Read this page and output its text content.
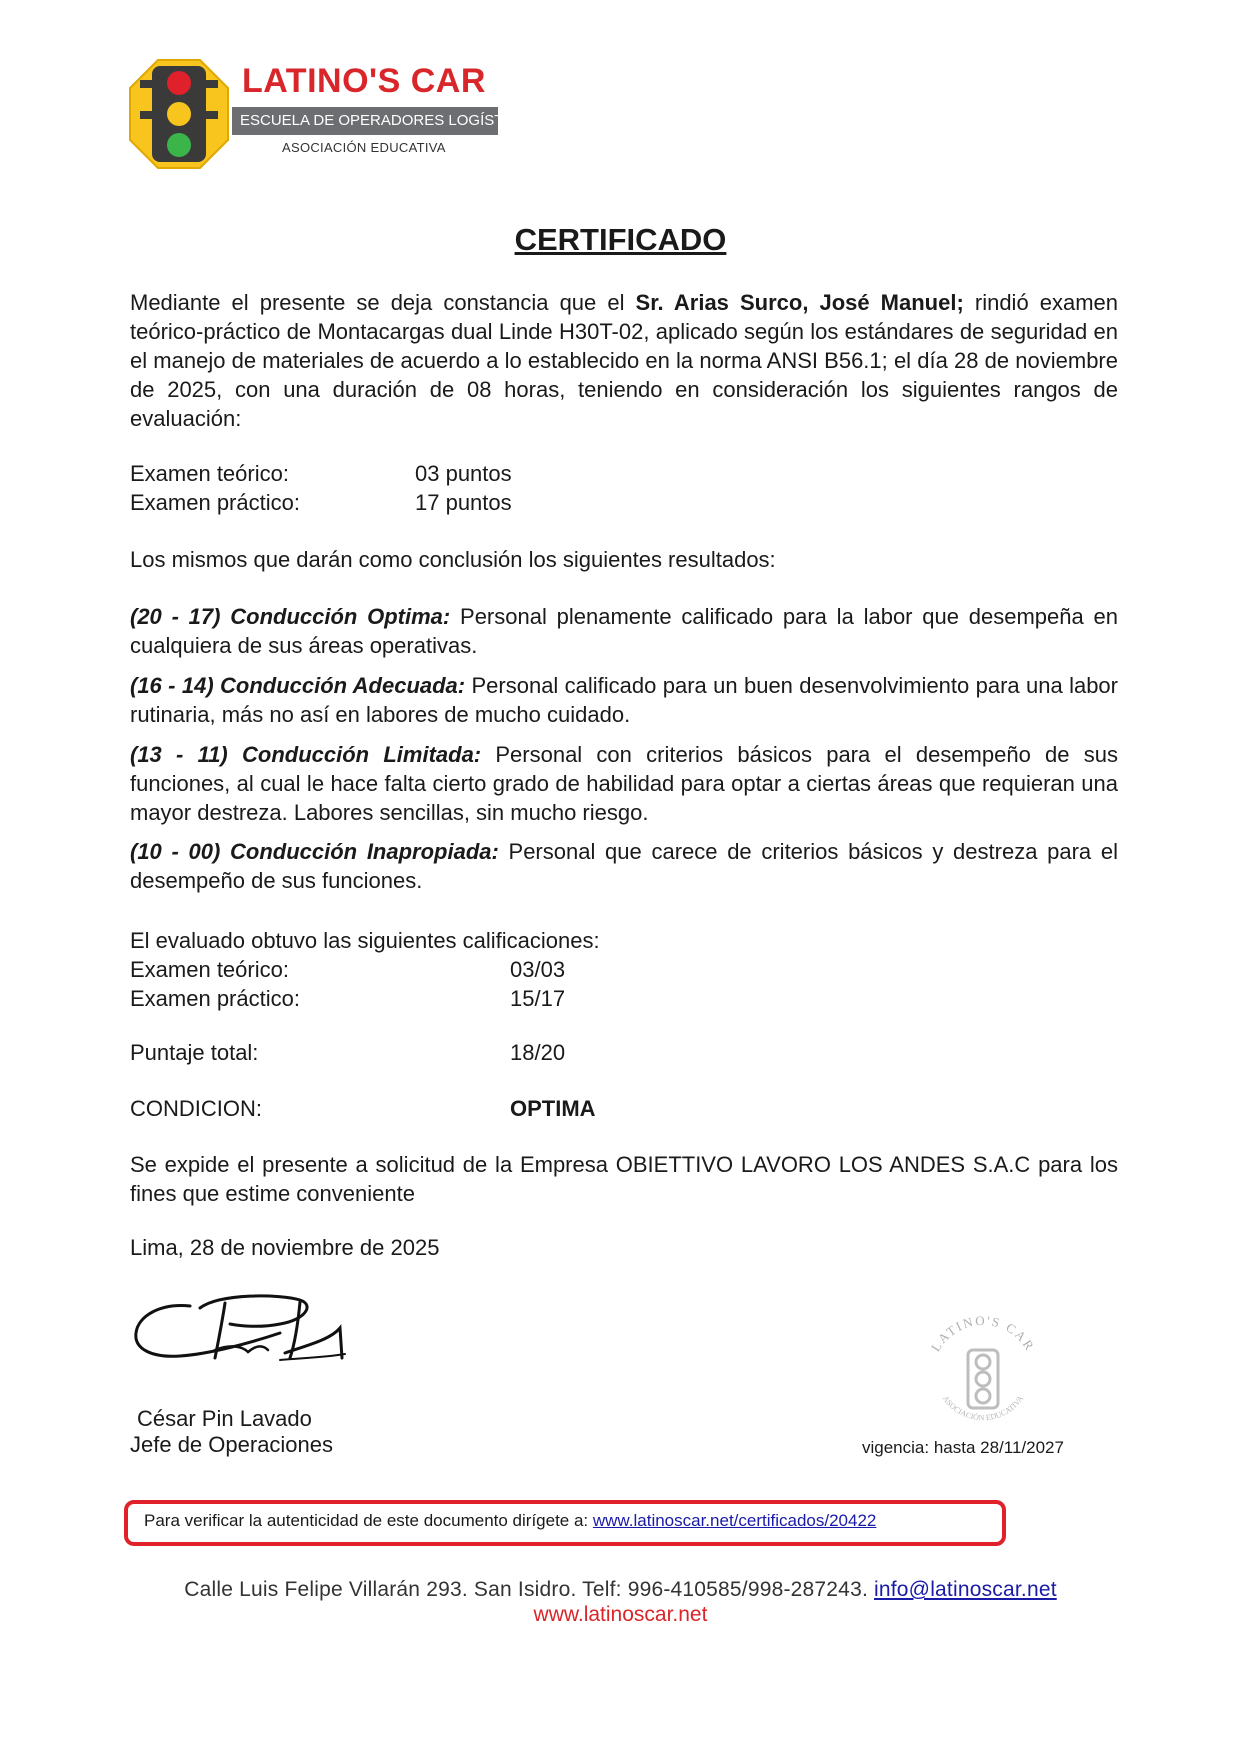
LATINO'S CAR
ESCUELA DE OPERADORES LOGÍSTICOS
ASOCIACIÓN EDUCATIVA
CERTIFICADO
Mediante el presente se deja constancia que el Sr. Arias Surco, José Manuel; rindió examen teórico-práctico de Montacargas dual Linde H30T-02, aplicado según los estándares de seguridad en el manejo de materiales de acuerdo a lo establecido en la norma ANSI B56.1; el día 28 de noviembre de 2025, con una duración de 08 horas, teniendo en consideración los siguientes rangos de evaluación:
Examen teórico:	03 puntos
Examen práctico:	17 puntos
Los mismos que darán como conclusión los siguientes resultados:
(20 - 17) Conducción Optima: Personal plenamente calificado para la labor que desempeña en cualquiera de sus áreas operativas.
(16 - 14) Conducción Adecuada: Personal calificado para un buen desenvolvimiento para una labor rutinaria, más no así en labores de mucho cuidado.
(13 - 11) Conducción Limitada: Personal con criterios básicos para el desempeño de sus funciones, al cual le hace falta cierto grado de habilidad para optar a ciertas áreas que requieran una mayor destreza. Labores sencillas, sin mucho riesgo.
(10 - 00) Conducción Inapropiada: Personal que carece de criterios básicos y destreza para el desempeño de sus funciones.
El evaluado obtuvo las siguientes calificaciones:
Examen teórico:	03/03
Examen práctico:	15/17
Puntaje total:	18/20
CONDICION:	OPTIMA
Se expide el presente a solicitud de la Empresa OBIETTIVO LAVORO LOS ANDES S.A.C para los fines que estime conveniente
Lima, 28 de noviembre de 2025
César Pin Lavado
Jefe de Operaciones
LATINO'S CAR
ASOCIACIÓN EDUCATIVA
vigencia: hasta 28/11/2027
Para verificar la autenticidad de este documento dirígete a: www.latinoscar.net/certificados/20422
Calle Luis Felipe Villarán 293. San Isidro. Telf: 996-410585/998-287243. info@latinoscar.net
www.latinoscar.net
